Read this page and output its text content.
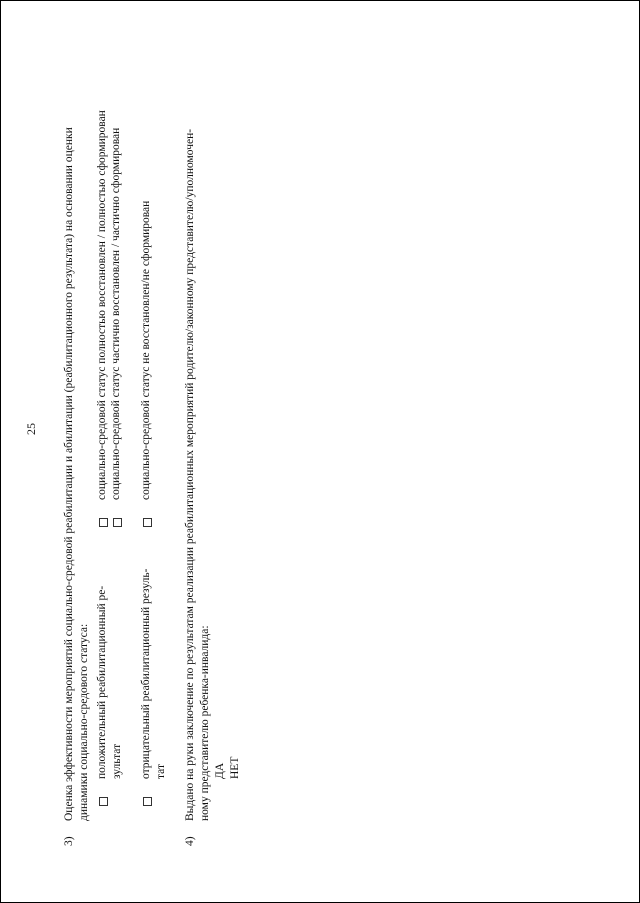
25
3)
Оценка эффективности мероприятий социально-средовой реабилитации и абилитации (реабилитационного результата) на основании оценки динамики социально-средового статуса: положительный реабилитационный ре- зультат
социально-средовой статус полностью восстановлен / полностью сформирован социально-средовой статус частично восстановлен / частично сформирован
отрицательный реабилитационный резуль- тат
социально-средовой статус не восстановлен/не сформирован
4)
Выдано на руки заключение по результатам реализации реабилитационных мероприятий родителю/законному представителю/уполномочен- ному представителю ребенка-инвалида: ДА НЕТ
